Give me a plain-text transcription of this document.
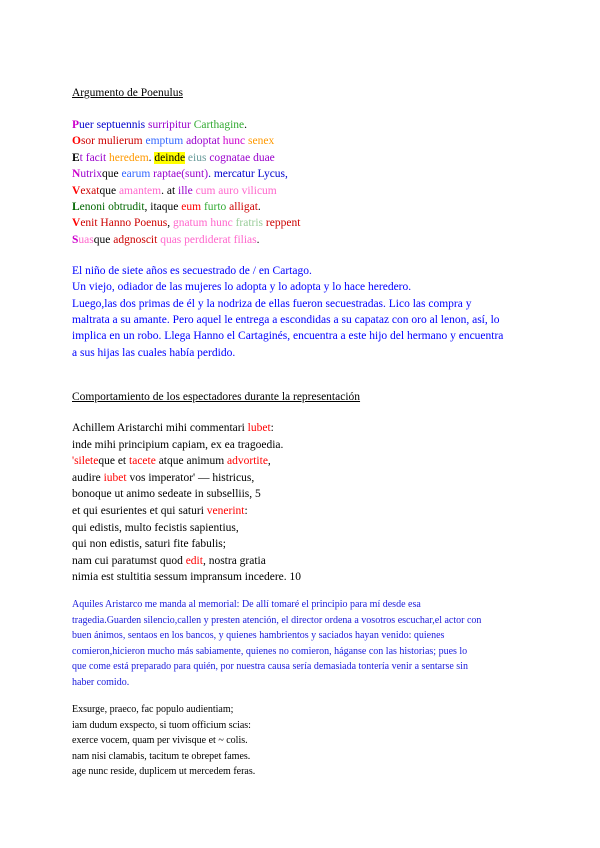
Argumento de Poenulus
Puer septuennis surripitur Carthagine.
Osor mulierum emptum adoptat hunc senex
Et facit heredem. deinde eius cognatae duae
Nutrixque earum raptae(sunt). mercatur Lycus,
Vexatque amantem. at ille cum auro vilicum
Lenoni obtrudit, itaque eum furto alligat.
Venit Hanno Poenus, gnatum hunc fratris reppent
Suasque adgnoscit quas perdiderat filias.
El niño de siete años es secuestrado de / en Cartago.
Un viejo, odiador de las mujeres lo adopta y lo adopta y lo hace heredero.
Luego,las dos primas de él y la nodriza de ellas fueron secuestradas. Lico las compra y
maltrata a su amante. Pero aquel le entrega a escondidas a su capataz con oro al lenon, así, lo
implica en un robo. Llega Hanno el Cartaginés, encuentra a este hijo del hermano y encuentra
a sus hijas las cuales había perdido.
Comportamiento de los espectadores durante la representación
Achillem Aristarchi mihi commentari lubet:
inde mihi principium capiam, ex ea tragoedia.
'sileteque et tacete atque animum advortite,
audire iubet vos imperator' — histricus,
bonoque ut animo sedeate in subselliis, 5
et qui esurientes et qui saturi venerint:
qui edistis, multo fecistis sapientius,
qui non edistis, saturi fite fabulis;
nam cui paratumst quod edit, nostra gratia
nimia est stultitia sessum impransum incedere. 10
Aquiles Aristarco me manda al memorial: De allí tomaré el principio para mí desde esa
tragedia.Guarden silencio,callen y presten atención, el director ordena a vosotros escuchar,el actor con
buen ánimos, sentaos en los bancos, y quienes hambrientos y saciados hayan venido: quienes
comieron,hicieron mucho más sabiamente, quienes no comieron, háganse con las historias; pues lo
que come está preparado para quién, por nuestra causa sería demasiada tontería venir a sentarse sin
haber comido.
Exsurge, praeco, fac populo audientiam;
iam dudum exspecto, si tuom officium scias:
exerce vocem, quam per vivisque et ~ colis.
nam nisi clamabis, tacitum te obrepet fames.
age nunc reside, duplicem ut mercedem feras.
